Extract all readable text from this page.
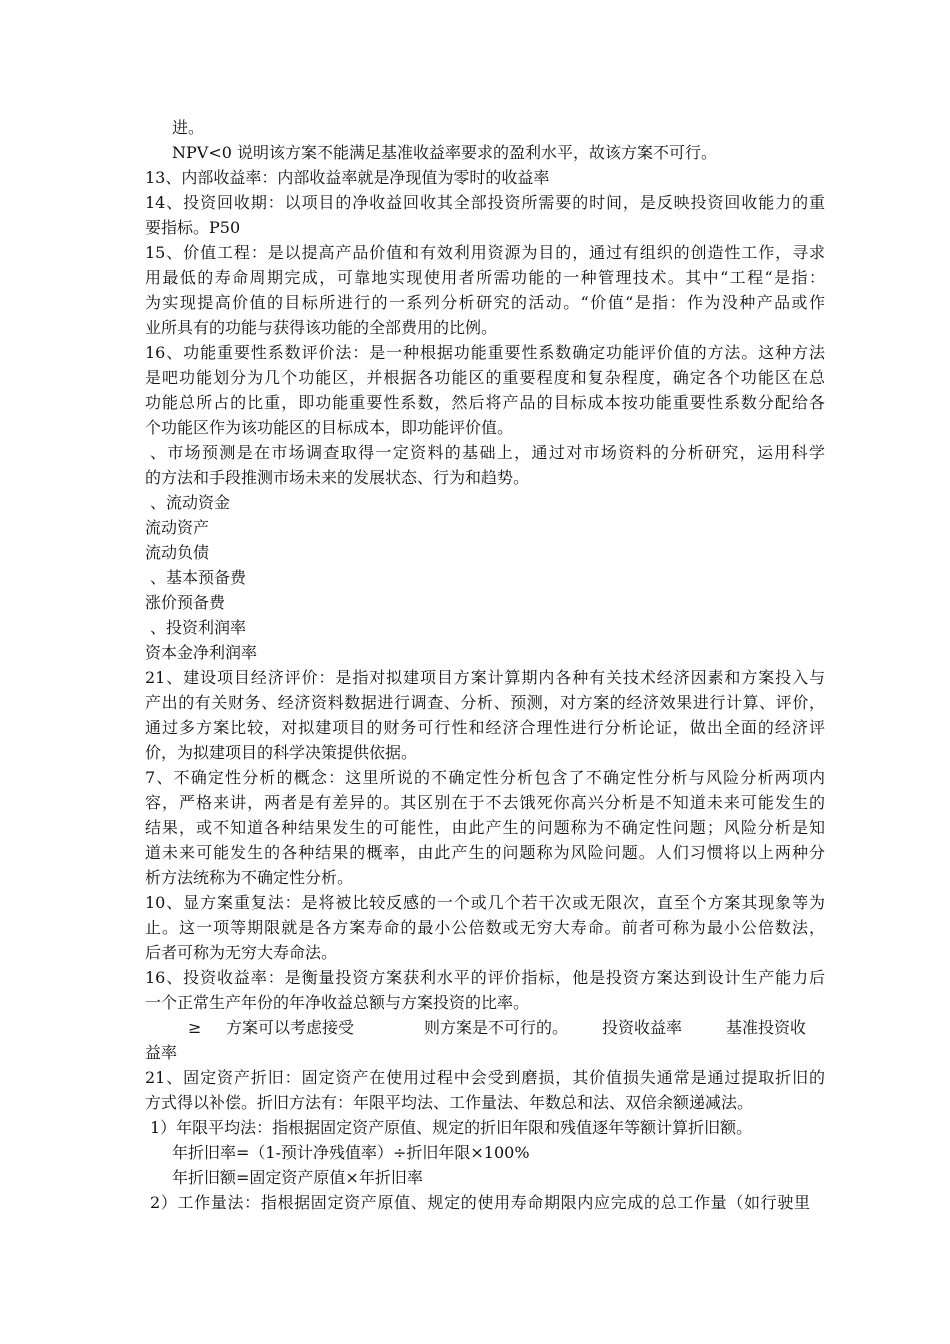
进。
NPV<0 说明该方案不能满足基准收益率要求的盈利水平，故该方案不可行。
13、内部收益率：内部收益率就是净现值为零时的收益率
14、投资回收期：以项目的净收益回收其全部投资所需要的时间，是反映投资回收能力的重
要指标。P50
15、价值工程：是以提高产品价值和有效利用资源为目的，通过有组织的创造性工作，寻求
用最低的寿命周期完成，可靠地实现使用者所需功能的一种管理技术。其中“工程“是指：
为实现提高价值的目标所进行的一系列分析研究的活动。“价值“是指：作为没种产品或作
业所具有的功能与获得该功能的全部费用的比例。
16、功能重要性系数评价法：是一种根据功能重要性系数确定功能评价值的方法。这种方法
是吧功能划分为几个功能区，并根据各功能区的重要程度和复杂程度，确定各个功能区在总
功能总所占的比重，即功能重要性系数，然后将产品的目标成本按功能重要性系数分配给各
个功能区作为该功能区的目标成本，即功能评价值。
、市场预测是在市场调查取得一定资料的基础上，通过对市场资料的分析研究，运用科学
的方法和手段推测市场未来的发展状态、行为和趋势。
、流动资金
流动资产
流动负债
、基本预备费
涨价预备费
、投资利润率
资本金净利润率
21、建设项目经济评价：是指对拟建项目方案计算期内各种有关技术经济因素和方案投入与
产出的有关财务、经济资料数据进行调查、分析、预测，对方案的经济效果进行计算、评价，
通过多方案比较，对拟建项目的财务可行性和经济合理性进行分析论证，做出全面的经济评
价，为拟建项目的科学决策提供依据。
7、不确定性分析的概念：这里所说的不确定性分析包含了不确定性分析与风险分析两项内
容，严格来讲，两者是有差异的。其区别在于不去饿死你高兴分析是不知道未来可能发生的
结果，或不知道各种结果发生的可能性，由此产生的问题称为不确定性问题；风险分析是知
道未来可能发生的各种结果的概率，由此产生的问题称为风险问题。人们习惯将以上两种分
析方法统称为不确定性分析。
10、显方案重复法：是将被比较反感的一个或几个若干次或无限次，直至个方案其现象等为
止。这一项等期限就是各方案寿命的最小公倍数或无穷大寿命。前者可称为最小公倍数法，
后者可称为无穷大寿命法。
16、投资收益率：是衡量投资方案获利水平的评价指标，他是投资方案达到设计生产能力后
一个正常生产年份的年净收益总额与方案投资的比率。
≥ 方案可以考虑接受	则方案是不可行的。 投资收益率	基准投资收
益率
21、固定资产折旧：固定资产在使用过程中会受到磨损，其价值损失通常是通过提取折旧的
方式得以补偿。折旧方法有：年限平均法、工作量法、年数总和法、双倍余额递减法。
1）年限平均法：指根据固定资产原值、规定的折旧年限和残值逐年等额计算折旧额。
年折旧率=（1-预计净残值率）÷折旧年限×100%
年折旧额=固定资产原值×年折旧率
2）工作量法：指根据固定资产原值、规定的使用寿命期限内应完成的总工作量（如行驶里
